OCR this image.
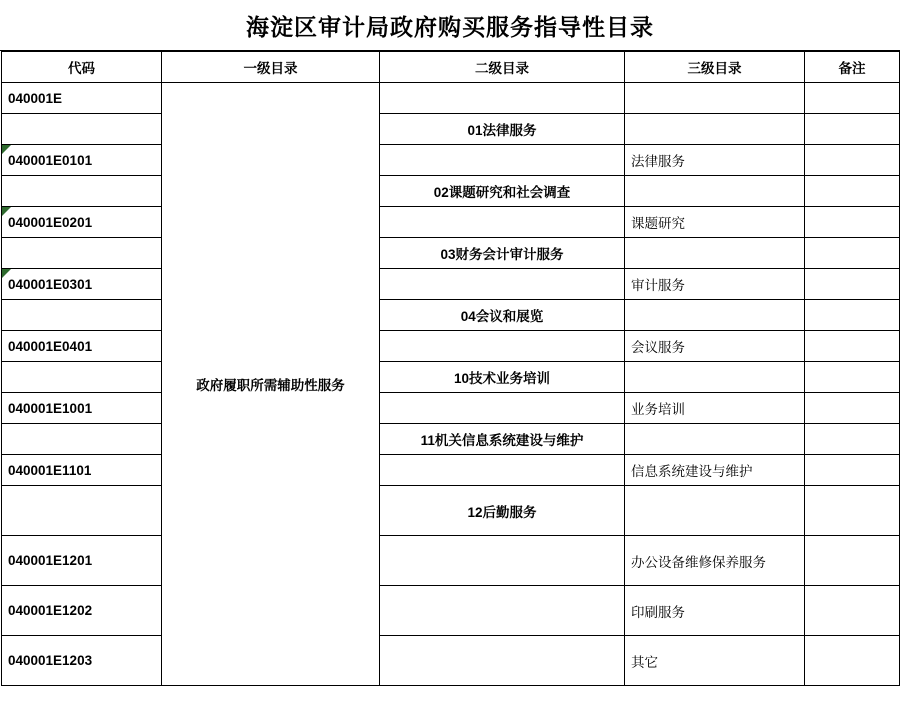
海淀区审计局政府购买服务指导性目录
代码	一级目录	二级目录	三级目录	备注
040001E	政府履职所需辅助性服务			
		01法律服务		
040001E0101			法律服务	
		02课题研究和社会调查		
040001E0201			课题研究	
		03财务会计审计服务		
040001E0301			审计服务	
		04会议和展览		
040001E0401			会议服务	
		10技术业务培训		
040001E1001			业务培训	
		11机关信息系统建设与维护		
040001E1101			信息系统建设与维护	
		12后勤服务		
040001E1201			办公设备维修保养服务	
040001E1202			印刷服务	
040001E1203			其它	
